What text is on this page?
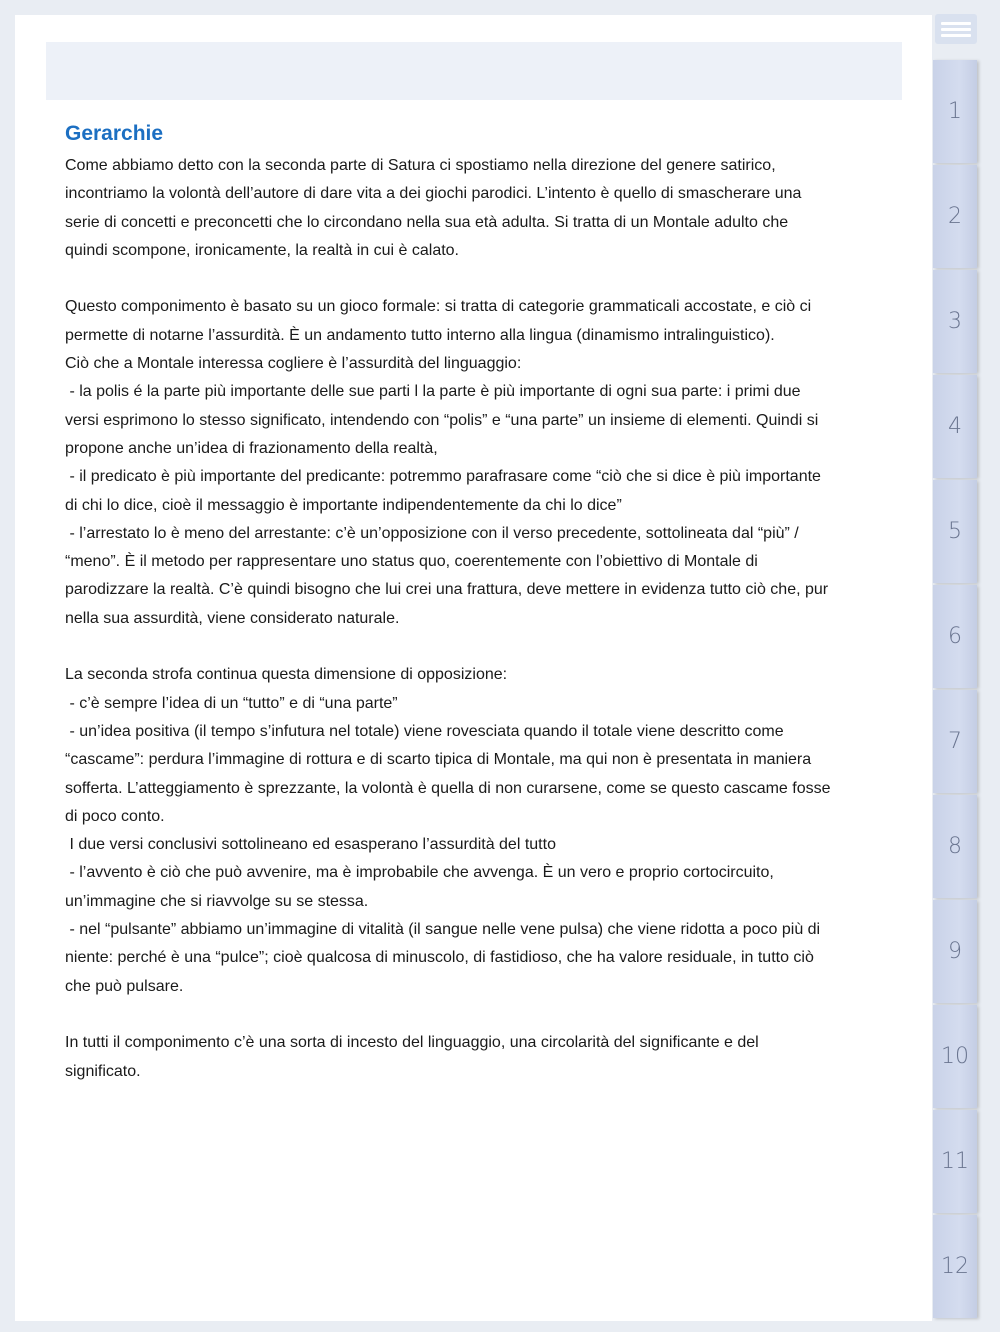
Gerarchie

Come abbiamo detto con la seconda parte di Satura ci spostiamo nella direzione del genere satirico,
incontriamo la volontà dell’autore di dare vita a dei giochi parodici. L’intento è quello di smascherare una
serie di concetti e preconcetti che lo circondano nella sua età adulta. Si tratta di un Montale adulto che
quindi scompone, ironicamente, la realtà in cui è calato.

Questo componimento è basato su un gioco formale: si tratta di categorie grammaticali accostate, e ciò ci
permette di notarne l’assurdità. È un andamento tutto interno alla lingua (dinamismo intralinguistico).
Ciò che a Montale interessa cogliere è l’assurdità del linguaggio:
- la polis é la parte più importante delle sue parti l la parte è più importante di ogni sua parte: i primi due
versi esprimono lo stesso significato, intendendo con “polis” e “una parte” un insieme di elementi. Quindi si
propone anche un’idea di frazionamento della realtà,
- il predicato è più importante del predicante: potremmo parafrasare come “ciò che si dice è più importante
di chi lo dice, cioè il messaggio è importante indipendentemente da chi lo dice”
- l’arrestato lo è meno del arrestante: c’è un’opposizione con il verso precedente, sottolineata dal “più” /
“meno”. È il metodo per rappresentare uno status quo, coerentemente con l’obiettivo di Montale di
parodizzare la realtà. C’è quindi bisogno che lui crei una frattura, deve mettere in evidenza tutto ciò che, pur
nella sua assurdità, viene considerato naturale.

La seconda strofa continua questa dimensione di opposizione:
- c’è sempre l’idea di un “tutto” e di “una parte”
- un’idea positiva (il tempo s’infutura nel totale) viene rovesciata quando il totale viene descritto come
“cascame”: perdura l’immagine di rottura e di scarto tipica di Montale, ma qui non è presentata in maniera
sofferta. L’atteggiamento è sprezzante, la volontà è quella di non curarsene, come se questo cascame fosse
di poco conto.
I due versi conclusivi sottolineano ed esasperano l’assurdità del tutto
- l’avvento è ciò che può avvenire, ma è improbabile che avvenga. È un vero e proprio cortocircuito,
un’immagine che si riavvolge su se stessa.
- nel “pulsante” abbiamo un’immagine di vitalità (il sangue nelle vene pulsa) che viene ridotta a poco più di
niente: perché è una “pulce”; cioè qualcosa di minuscolo, di fastidioso, che ha valore residuale, in tutto ciò
che può pulsare.

In tutti il componimento c’è una sorta di incesto del linguaggio, una circolarità del significante e del
significato.

1
2
3
4
5
6
7
8
9
10
11
12
